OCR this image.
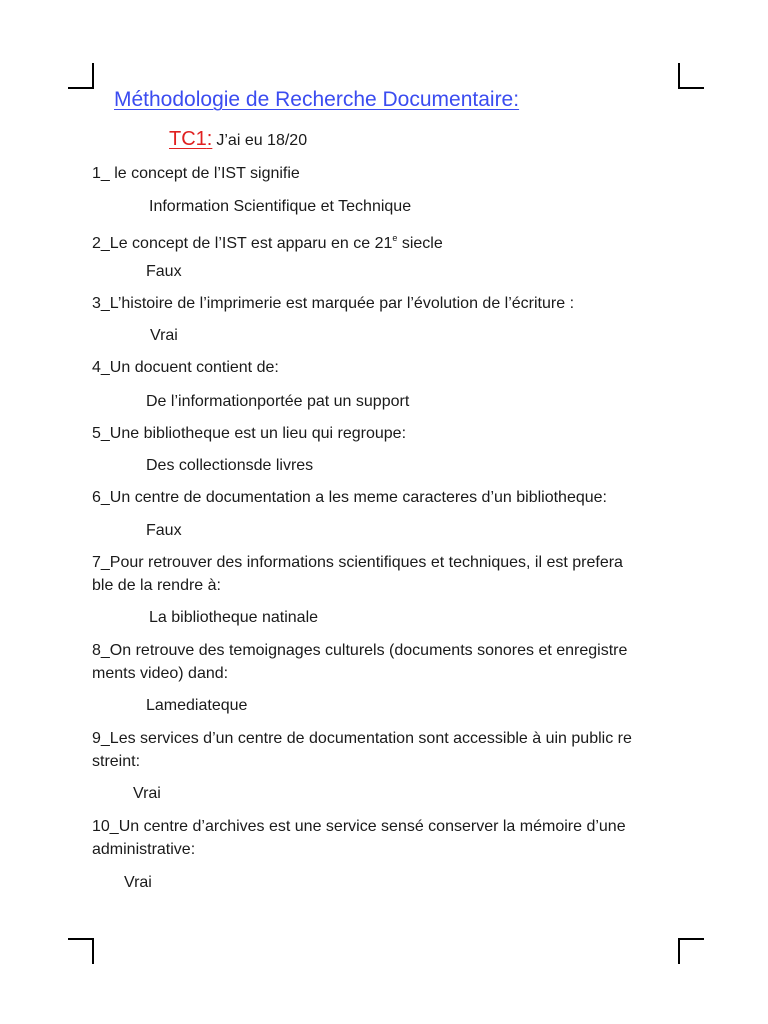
Méthodologie de Recherche Documentaire:
TC1: J’ai eu 18/20
1_ le concept de l’IST signifie
Information Scientifique et Technique
2_Le concept de l’IST est apparu en ce 21e siecle
Faux
3_L’histoire de l’imprimerie est marquée par l’évolution de l’écriture :
Vrai
4_Un docuent contient de:
De l’informationportée pat un support
5_Une bibliotheque est un lieu qui regroupe:
Des collectionsde livres
6_Un centre de documentation a les meme caracteres d’un bibliotheque:
Faux
7_Pour retrouver des informations scientifiques et techniques, il est prefera
ble de la rendre à:
La bibliotheque natinale
8_On retrouve des temoignages culturels (documents sonores et enregistre
ments video) dand:
Lamediateque
9_Les services d’un centre de documentation sont accessible à uin public re
streint:
Vrai
10_Un centre d’archives est une service sensé conserver la mémoire d’une
administrative:
Vrai
